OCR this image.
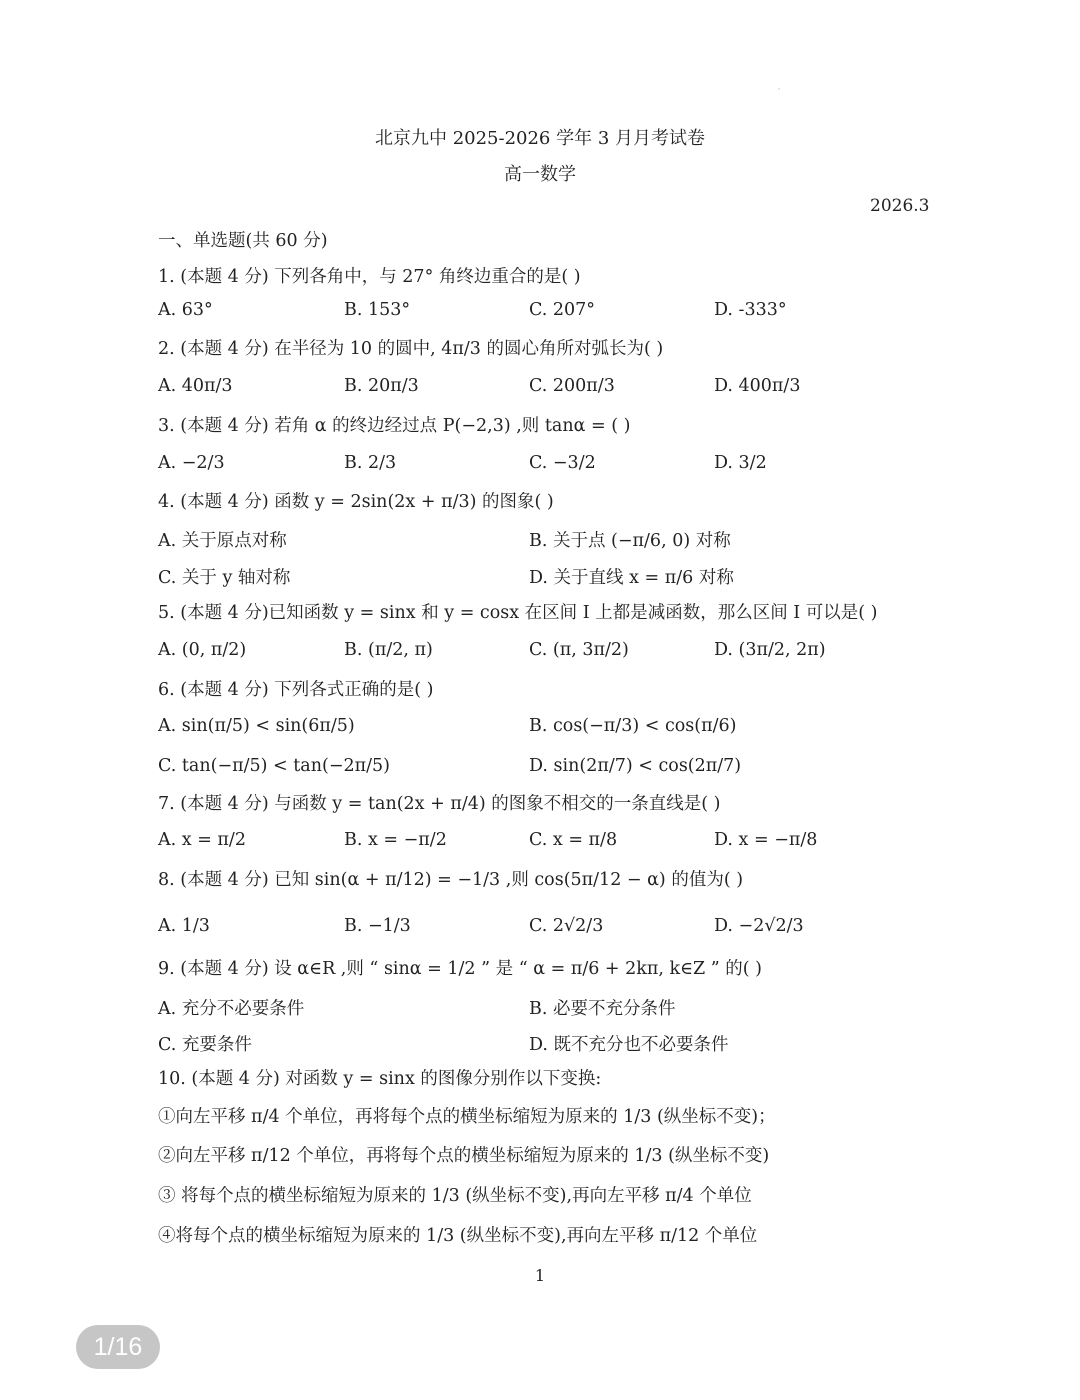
北京九中 2025-2026 学年 3 月月考试卷
高一数学
2026.3
一、单选题(共 60 分)
1. (本题 4 分) 下列各角中，与 27° 角终边重合的是( )
A. 63°	B. 153°	C. 207°	D. -333°
2. (本题 4 分) 在半径为 10 的圆中, 4π/3 的圆心角所对弧长为( )
A. 40π/3	B. 20π/3	C. 200π/3	D. 400π/3
3. (本题 4 分) 若角 α 的终边经过点 P(−2,3) ,则 tanα = ( )
A. −2/3	B. 2/3	C. −3/2	D. 3/2
4. (本题 4 分) 函数 y = 2sin(2x + π/3) 的图象( )
A. 关于原点对称	B. 关于点 (−π/6, 0) 对称
C. 关于 y 轴对称	D. 关于直线 x = π/6 对称
5. (本题 4 分)已知函数 y = sinx 和 y = cosx 在区间 I 上都是减函数，那么区间 I 可以是( )
A. (0, π/2)	B. (π/2, π)	C. (π, 3π/2)	D. (3π/2, 2π)
6. (本题 4 分) 下列各式正确的是( )
A. sin(π/5) < sin(6π/5)	B. cos(−π/3) < cos(π/6)
C. tan(−π/5) < tan(−2π/5)	D. sin(2π/7) < cos(2π/7)
7. (本题 4 分) 与函数 y = tan(2x + π/4) 的图象不相交的一条直线是( )
A. x = π/2	B. x = −π/2	C. x = π/8	D. x = −π/8
8. (本题 4 分) 已知 sin(α + π/12) = −1/3 ,则 cos(5π/12 − α) 的值为( )
A. 1/3	B. −1/3	C. 2√2/3	D. −2√2/3
9. (本题 4 分) 设 α∈R ,则 “ sinα = 1/2 ” 是 “ α = π/6 + 2kπ, k∈Z ” 的( )
A. 充分不必要条件	B. 必要不充分条件
C. 充要条件	D. 既不充分也不必要条件
10. (本题 4 分) 对函数 y = sinx 的图像分别作以下变换:
①向左平移 π/4 个单位，再将每个点的横坐标缩短为原来的 1/3 (纵坐标不变)；
②向左平移 π/12 个单位，再将每个点的横坐标缩短为原来的 1/3 (纵坐标不变)
③ 将每个点的横坐标缩短为原来的 1/3 (纵坐标不变),再向左平移 π/4 个单位
④将每个点的横坐标缩短为原来的 1/3 (纵坐标不变),再向左平移 π/12 个单位
1
1/16
